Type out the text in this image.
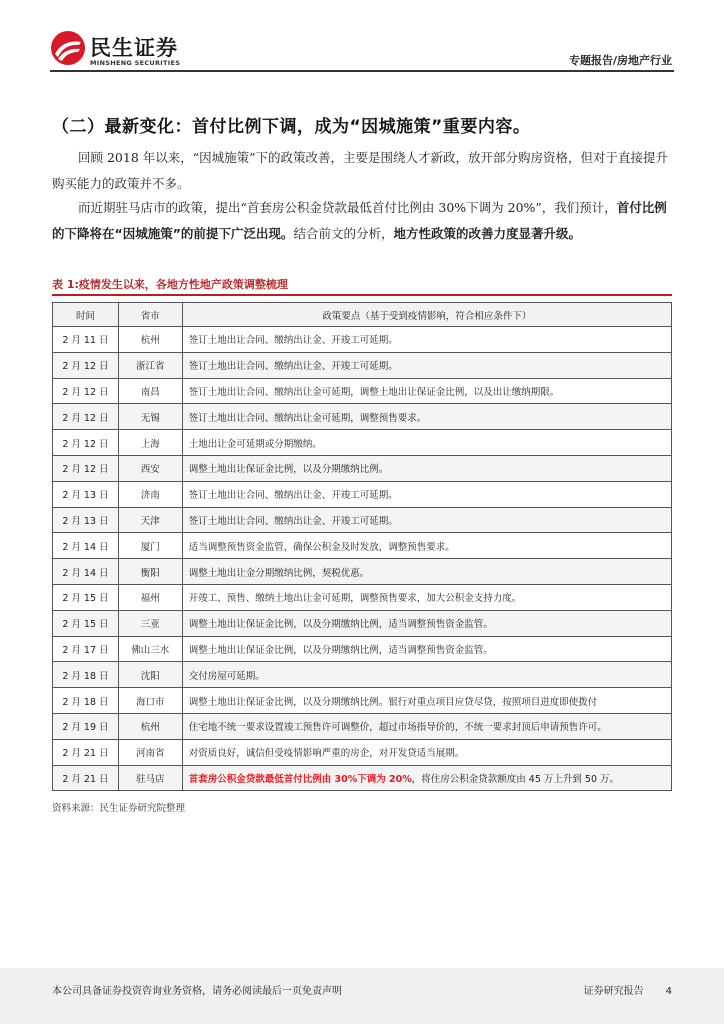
民生证券
MINSHENG SECURITIES	专题报告/房地产行业
（二）最新变化：首付比例下调，成为“因城施策”重要内容。

回顾 2018 年以来，“因城施策”下的政策改善，主要是围绕人才新政，放开部分购房资格，但对于直接提升购买能力的政策并不多。

而近期驻马店市的政策，提出“首套房公积金贷款最低首付比例由 30%下调为 20%”，我们预计，首付比例的下降将在“因城施策”的前提下广泛出现。结合前文的分析，地方性政策的改善力度显著升级。

表 1:疫情发生以来，各地方性地产政策调整梳理
时间	省市	政策要点（基于受到疫情影响，符合相应条件下）
2 月 11 日	杭州	签订土地出让合同、缴纳出让金、开竣工可延期。
2 月 12 日	浙江省	签订土地出让合同、缴纳出让金、开竣工可延期。
2 月 12 日	南昌	签订土地出让合同、缴纳出让金可延期，调整土地出让保证金比例，以及出让缴纳期限。
2 月 12 日	无锡	签订土地出让合同、缴纳出让金可延期，调整预售要求。
2 月 12 日	上海	土地出让金可延期或分期缴纳。
2 月 12 日	西安	调整土地出让保证金比例，以及分期缴纳比例。
2 月 13 日	济南	签订土地出让合同、缴纳出让金、开竣工可延期。
2 月 13 日	天津	签订土地出让合同、缴纳出让金、开竣工可延期。
2 月 14 日	厦门	适当调整预售资金监管，确保公积金及时发放，调整预售要求。
2 月 14 日	衡阳	调整土地出让金分期缴纳比例，契税优惠。
2 月 15 日	福州	开竣工、预售、缴纳土地出让金可延期，调整预售要求，加大公积金支持力度。
2 月 15 日	三亚	调整土地出让保证金比例，以及分期缴纳比例，适当调整预售资金监管。
2 月 17 日	佛山三水	调整土地出让保证金比例，以及分期缴纳比例，适当调整预售资金监管。
2 月 18 日	沈阳	交付房屋可延期。
2 月 18 日	海口市	调整土地出让保证金比例，以及分期缴纳比例。银行对重点项目应贷尽贷，按照项目进度即使拨付
2 月 19 日	杭州	住宅地不统一要求设置竣工预售许可调整价，超过市场指导价的，不统一要求封顶后申请预售许可。
2 月 21 日	河南省	对资质良好，诚信但受疫情影响严重的房企，对开发贷适当展期。
2 月 21 日	驻马店	首套房公积金贷款最低首付比例由 30%下调为 20%，将住房公积金贷款额度由 45 万上升到 50 万。
资料来源：民生证券研究院整理
本公司具备证券投资咨询业务资格，请务必阅读最后一页免责声明	证券研究报告 4
